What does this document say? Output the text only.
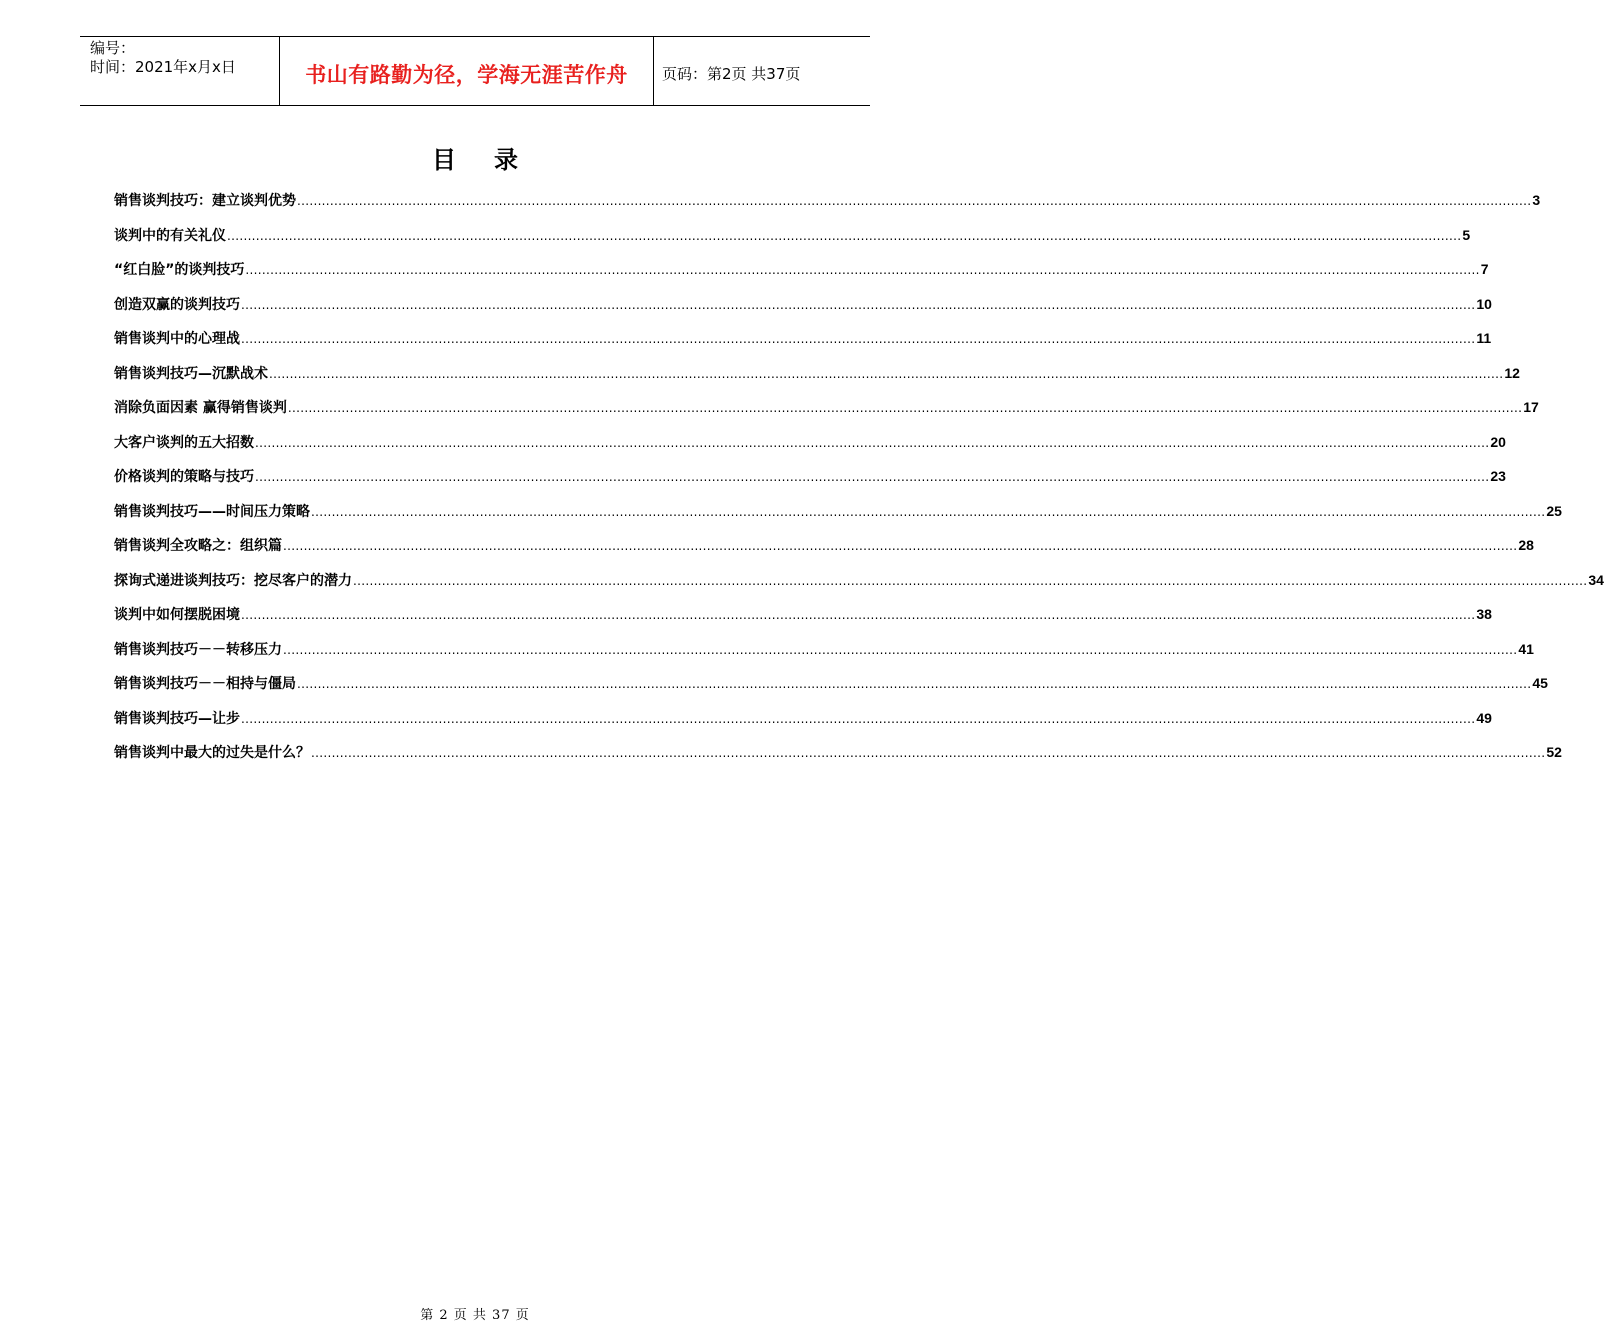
编号：
时间：2021年x月x日	书山有路勤为径，学海无涯苦作舟	页码：第2页 共37页
目录
销售谈判技巧：建立谈判优势 ............................................................................................................................................................................................................................................................................................................ 3
谈判中的有关礼仪 ............................................................................................................................................................................................................................................................................................................ 5
“红白脸”的谈判技巧 ............................................................................................................................................................................................................................................................................................................ 7
创造双赢的谈判技巧 ............................................................................................................................................................................................................................................................................................................ 10
销售谈判中的心理战 ............................................................................................................................................................................................................................................................................................................ 11
销售谈判技巧—沉默战术 ............................................................................................................................................................................................................................................................................................................ 12
消除负面因素 赢得销售谈判 ............................................................................................................................................................................................................................................................................................................ 17
大客户谈判的五大招数 ............................................................................................................................................................................................................................................................................................................ 20
价格谈判的策略与技巧 ............................................................................................................................................................................................................................................................................................................ 23
销售谈判技巧——时间压力策略 ............................................................................................................................................................................................................................................................................................................ 25
销售谈判全攻略之：组织篇 ............................................................................................................................................................................................................................................................................................................ 28
探询式递进谈判技巧：挖尽客户的潜力 ............................................................................................................................................................................................................................................................................................................ 34
谈判中如何摆脱困境 ............................................................................................................................................................................................................................................................................................................ 38
销售谈判技巧－－转移压力 ............................................................................................................................................................................................................................................................................................................ 41
销售谈判技巧－－相持与僵局 ............................................................................................................................................................................................................................................................................................................ 45
销售谈判技巧—让步 ............................................................................................................................................................................................................................................................................................................ 49
销售谈判中最大的过失是什么？ ............................................................................................................................................................................................................................................................................................................ 52
第 2 页 共 37 页
